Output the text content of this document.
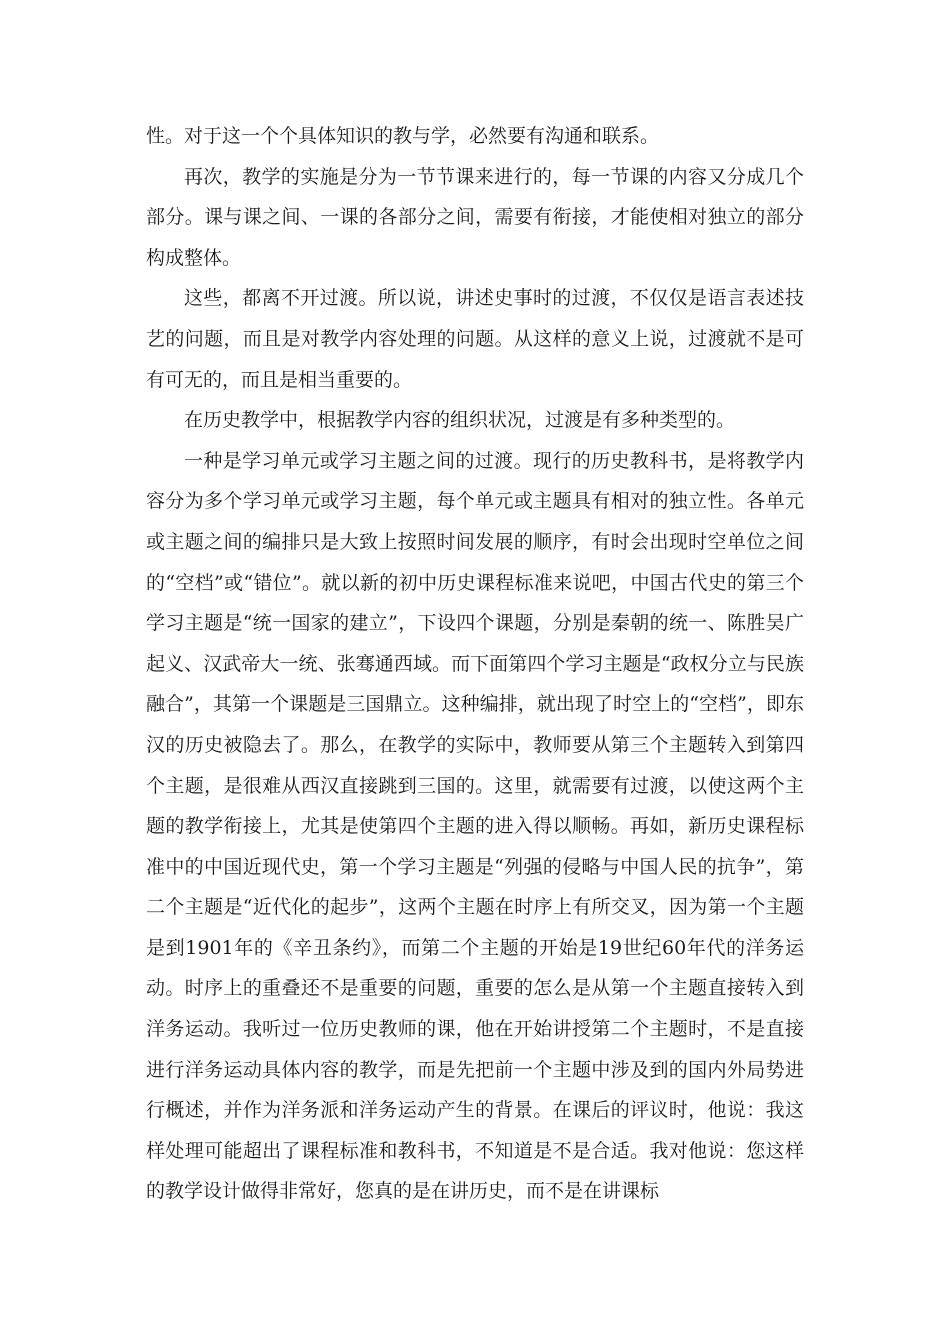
性。对于这一个个具体知识的教与学，必然要有沟通和联系。

再次，教学的实施是分为一节节课来进行的，每一节课的内容又分成几个部分。课与课之间、一课的各部分之间，需要有衔接，才能使相对独立的部分构成整体。

这些，都离不开过渡。所以说，讲述史事时的过渡，不仅仅是语言表述技艺的问题，而且是对教学内容处理的问题。从这样的意义上说，过渡就不是可有可无的，而且是相当重要的。

在历史教学中，根据教学内容的组织状况，过渡是有多种类型的。

一种是学习单元或学习主题之间的过渡。现行的历史教科书，是将教学内容分为多个学习单元或学习主题，每个单元或主题具有相对的独立性。各单元或主题之间的编排只是大致上按照时间发展的顺序，有时会出现时空单位之间的“空档”或“错位”。就以新的初中历史课程标准来说吧，中国古代史的第三个学习主题是“统一国家的建立”，下设四个课题，分别是秦朝的统一、陈胜吴广起义、汉武帝大一统、张骞通西域。而下面第四个学习主题是“政权分立与民族融合”，其第一个课题是三国鼎立。这种编排，就出现了时空上的“空档”，即东汉的历史被隐去了。那么，在教学的实际中，教师要从第三个主题转入到第四个主题，是很难从西汉直接跳到三国的。这里，就需要有过渡，以使这两个主题的教学衔接上，尤其是使第四个主题的进入得以顺畅。再如，新历史课程标准中的中国近现代史，第一个学习主题是“列强的侵略与中国人民的抗争”，第二个主题是“近代化的起步”，这两个主题在时序上有所交叉，因为第一个主题是到1901年的《辛丑条约》，而第二个主题的开始是19世纪60年代的洋务运动。时序上的重叠还不是重要的问题，重要的怎么是从第一个主题直接转入到洋务运动。我听过一位历史教师的课，他在开始讲授第二个主题时，不是直接进行洋务运动具体内容的教学，而是先把前一个主题中涉及到的国内外局势进行概述，并作为洋务派和洋务运动产生的背景。在课后的评议时，他说：我这样处理可能超出了课程标准和教科书，不知道是不是合适。我对他说：您这样的教学设计做得非常好，您真的是在讲历史，而不是在讲课标
